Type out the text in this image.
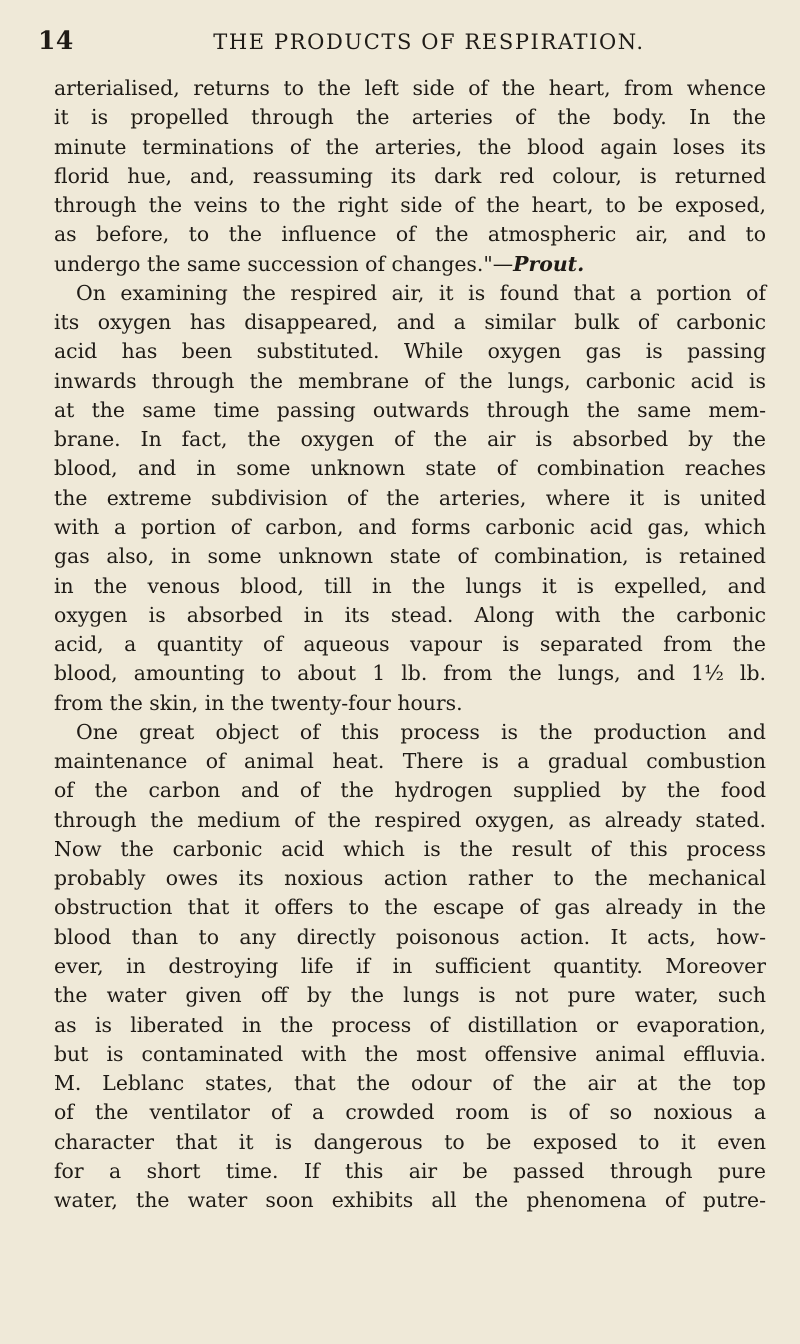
14	THE PRODUCTS OF RESPIRATION.
arterialised, returns to the left side of the heart, from whence
it is propelled through the arteries of the body. In the
minute terminations of the arteries, the blood again loses its
florid hue, and, reassuming its dark red colour, is returned
through the veins to the right side of the heart, to be exposed,
as before, to the influence of the atmospheric air, and to
undergo the same succession of changes."—Prout.
On examining the respired air, it is found that a portion of
its oxygen has disappeared, and a similar bulk of carbonic
acid has been substituted. While oxygen gas is passing
inwards through the membrane of the lungs, carbonic acid is
at the same time passing outwards through the same mem-
brane. In fact, the oxygen of the air is absorbed by the
blood, and in some unknown state of combination reaches
the extreme subdivision of the arteries, where it is united
with a portion of carbon, and forms carbonic acid gas, which
gas also, in some unknown state of combination, is retained
in the venous blood, till in the lungs it is expelled, and
oxygen is absorbed in its stead. Along with the carbonic
acid, a quantity of aqueous vapour is separated from the
blood, amounting to about 1 lb. from the lungs, and 1½ lb.
from the skin, in the twenty-four hours.
One great object of this process is the production and
maintenance of animal heat. There is a gradual combustion
of the carbon and of the hydrogen supplied by the food
through the medium of the respired oxygen, as already stated.
Now the carbonic acid which is the result of this process
probably owes its noxious action rather to the mechanical
obstruction that it offers to the escape of gas already in the
blood than to any directly poisonous action. It acts, how-
ever, in destroying life if in sufficient quantity. Moreover
the water given off by the lungs is not pure water, such
as is liberated in the process of distillation or evaporation,
but is contaminated with the most offensive animal effluvia.
M. Leblanc states, that the odour of the air at the top
of the ventilator of a crowded room is of so noxious a
character that it is dangerous to be exposed to it even
for a short time. If this air be passed through pure
water, the water soon exhibits all the phenomena of putre-
